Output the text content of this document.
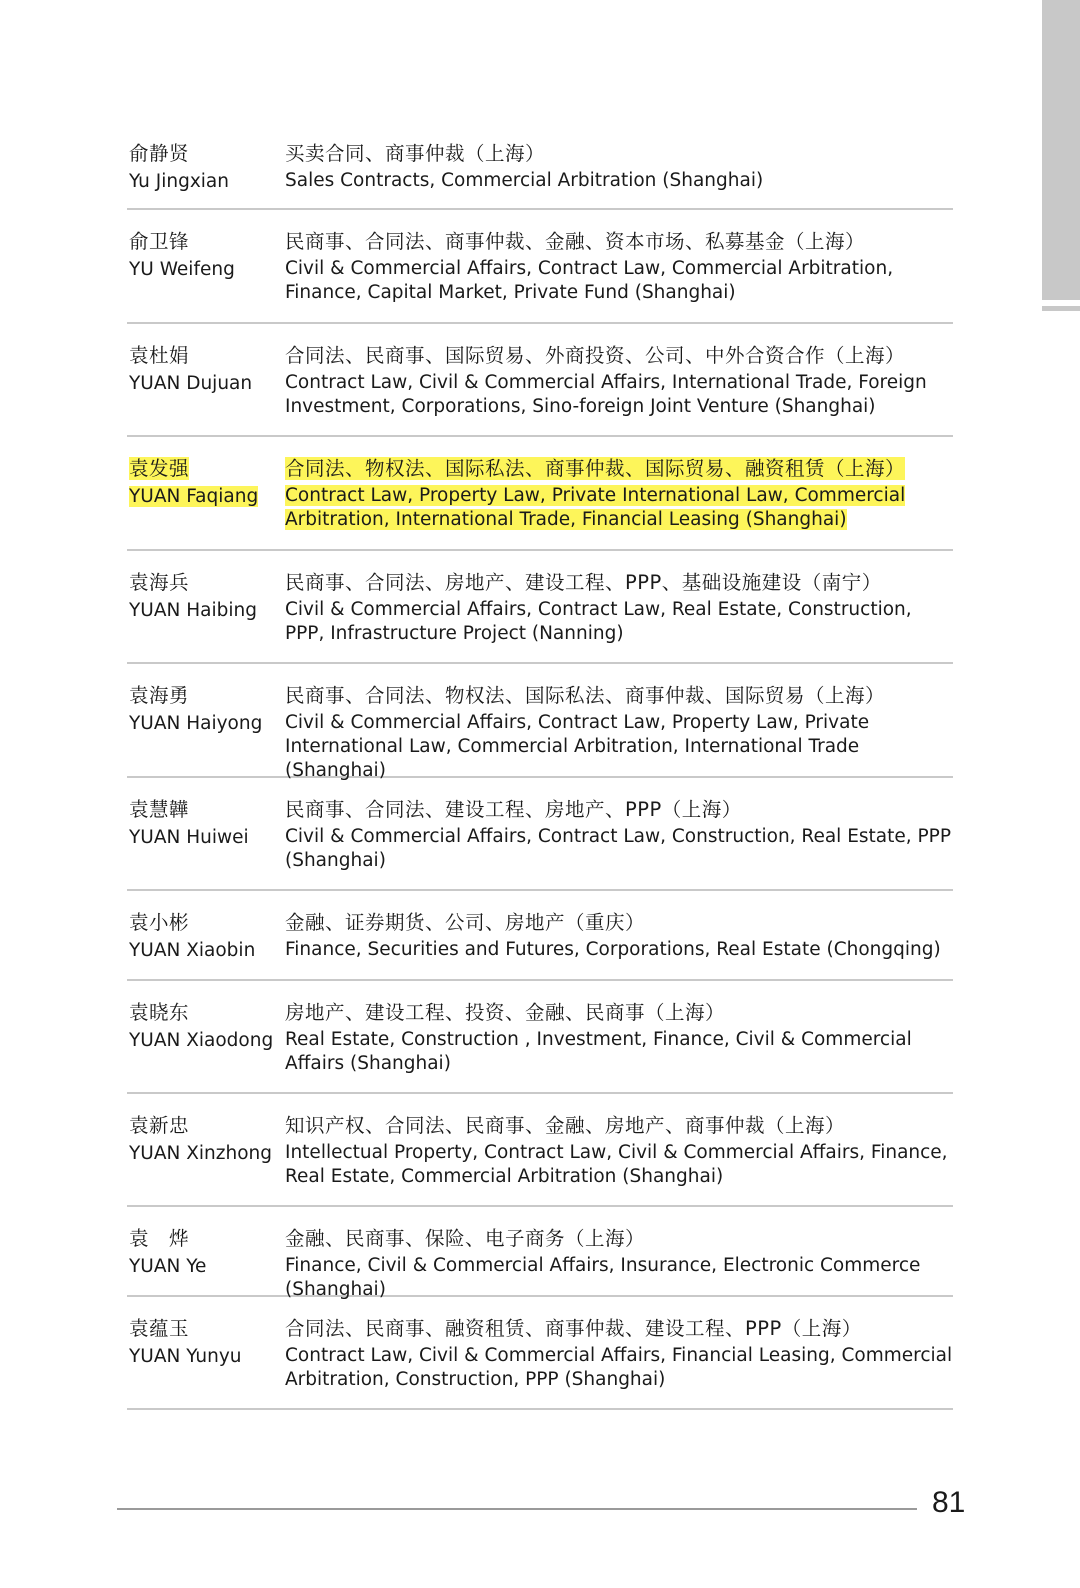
俞静贤
Yu Jingxian
买卖合同、商事仲裁（上海）
Sales Contracts, Commercial Arbitration (Shanghai)
俞卫锋
YU Weifeng
民商事、合同法、商事仲裁、金融、资本市场、私募基金（上海）
Civil & Commercial Affairs, Contract Law, Commercial Arbitration, Finance, Capital Market, Private Fund (Shanghai)
袁杜娟
YUAN Dujuan
合同法、民商事、国际贸易、外商投资、公司、中外合资合作（上海）
Contract Law, Civil & Commercial Affairs, International Trade, Foreign Investment, Corporations, Sino-foreign Joint Venture (Shanghai)
袁发强
YUAN Faqiang
合同法、物权法、国际私法、商事仲裁、国际贸易、融资租赁（上海）
Contract Law, Property Law, Private International Law, Commercial Arbitration, International Trade, Financial Leasing (Shanghai)
袁海兵
YUAN Haibing
民商事、合同法、房地产、建设工程、PPP、基础设施建设（南宁）
Civil & Commercial Affairs, Contract Law, Real Estate, Construction, PPP, Infrastructure Project (Nanning)
袁海勇
YUAN Haiyong
民商事、合同法、物权法、国际私法、商事仲裁、国际贸易（上海）
Civil & Commercial Affairs, Contract Law, Property Law, Private International Law, Commercial Arbitration, International Trade (Shanghai)
袁慧韡
YUAN Huiwei
民商事、合同法、建设工程、房地产、PPP（上海）
Civil & Commercial Affairs, Contract Law, Construction, Real Estate, PPP (Shanghai)
袁小彬
YUAN Xiaobin
金融、证券期货、公司、房地产（重庆）
Finance, Securities and Futures, Corporations, Real Estate (Chongqing)
袁晓东
YUAN Xiaodong
房地产、建设工程、投资、金融、民商事（上海）
Real Estate, Construction , Investment, Finance, Civil & Commercial Affairs (Shanghai)
袁新忠
YUAN Xinzhong
知识产权、合同法、民商事、金融、房地产、商事仲裁（上海）
Intellectual Property, Contract Law, Civil & Commercial Affairs, Finance, Real Estate, Commercial Arbitration (Shanghai)
袁　烨
YUAN Ye
金融、民商事、保险、电子商务（上海）
Finance, Civil & Commercial Affairs, Insurance, Electronic Commerce (Shanghai)
袁蕴玉
YUAN Yunyu
合同法、民商事、融资租赁、商事仲裁、建设工程、PPP（上海）
Contract Law, Civil & Commercial Affairs, Financial Leasing, Commercial Arbitration, Construction, PPP (Shanghai)
81
